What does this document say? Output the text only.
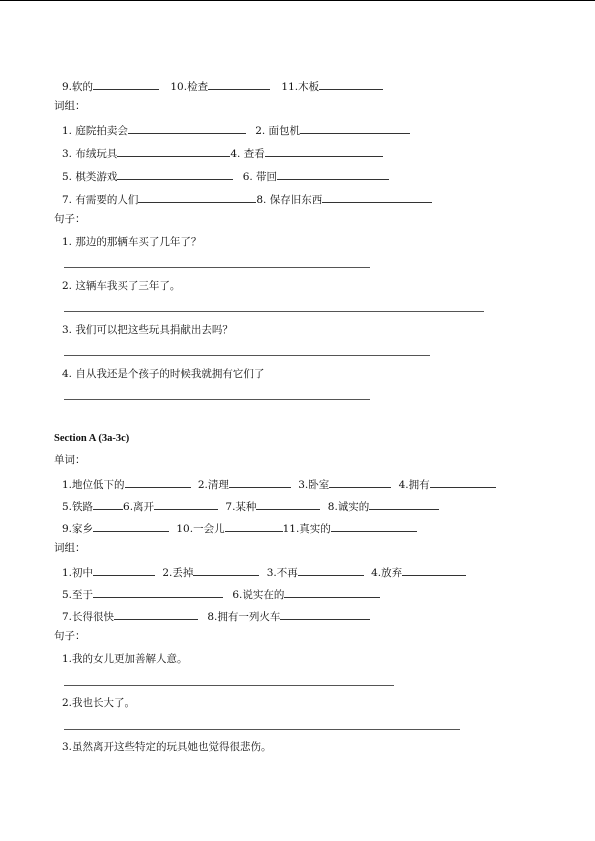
9.软的	10.检查	11.木板
词组：
1. 庭院拍卖会	2. 面包机
3. 布绒玩具	4. 查看
5. 棋类游戏	6. 带回
7. 有需要的人们	8. 保存旧东西
句子：
1. 那边的那辆车买了几年了？
2. 这辆车我买了三年了。
3. 我们可以把这些玩具捐献出去吗？
4. 自从我还是个孩子的时候我就拥有它们了
Section A (3a-3c)
单词：
1.地位低下的	2.清理	3.卧室	4.拥有
5.铁路	6.离开	7.某种	8.诚实的
9.家乡	10.一会儿	11.真实的
词组：
1.初中	2.丢掉	3.不再	4.放弃
5.至于	6.说实在的
7.长得很快	8.拥有一列火车
句子：
1.我的女儿更加善解人意。
2.我也长大了。
3.虽然离开这些特定的玩具她也觉得很悲伤。
